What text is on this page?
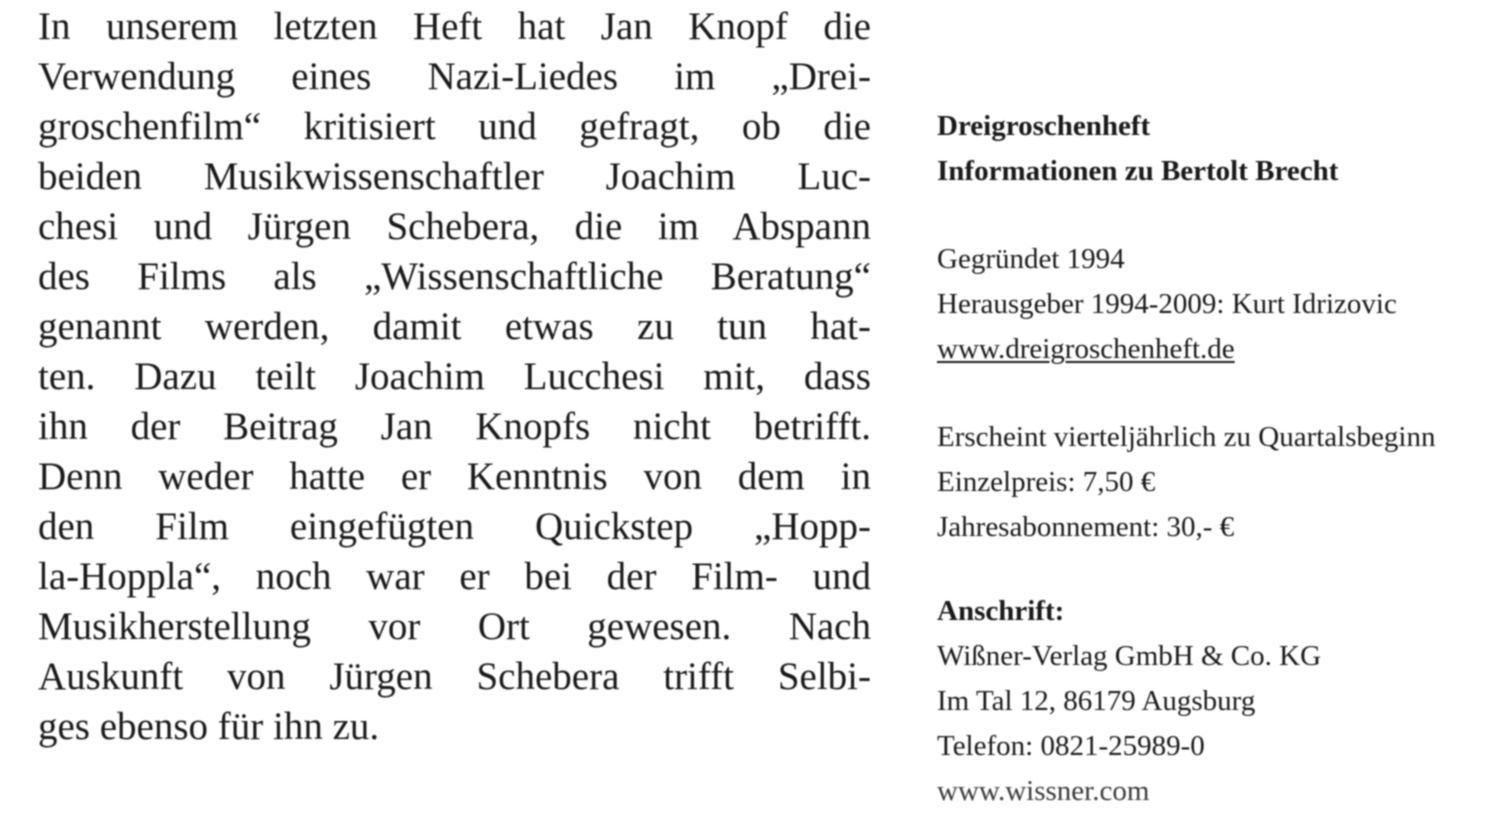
In unserem letzten Heft hat Jan Knopf die
Verwendung eines Nazi-Liedes im „Drei-
groschenfilm“ kritisiert und gefragt, ob die
beiden Musikwissenschaftler Joachim Luc-
chesi und Jürgen Schebera, die im Abspann
des Films als „Wissenschaftliche Beratung“
genannt werden, damit etwas zu tun hat-
ten. Dazu teilt Joachim Lucchesi mit, dass
ihn der Beitrag Jan Knopfs nicht betrifft.
Denn weder hatte er Kenntnis von dem in
den Film eingefügten Quickstep „Hopp-
la-Hoppla“, noch war er bei der Film- und
Musikherstellung vor Ort gewesen. Nach
Auskunft von Jürgen Schebera trifft Selbi-
ges ebenso für ihn zu.
Dreigroschenheft
Informationen zu Bertolt Brecht
Gegründet 1994
Herausgeber 1994-2009: Kurt Idrizovic
www.dreigroschenheft.de
Erscheint vierteljährlich zu Quartalsbeginn
Einzelpreis: 7,50 €
Jahresabonnement: 30,- €
Anschrift:
Wißner-Verlag GmbH & Co. KG
Im Tal 12, 86179 Augsburg
Telefon: 0821-25989-0
www.wissner.com
